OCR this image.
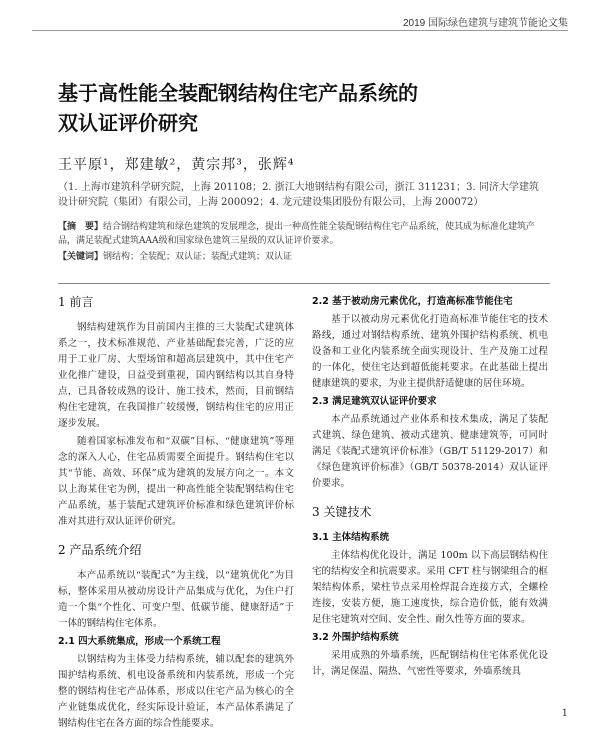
2019 国际绿色建筑与建筑节能论文集
基于高性能全装配钢结构住宅产品系统的
双认证评价研究
王平原¹，郑建敏²，黄宗邦³，张辉⁴
（1. 上海市建筑科学研究院，上海 201108；2. 浙江大地钢结构有限公司，浙江 311231；3. 同济大学建筑设计研究院（集团）有限公司，上海 200092；4. 龙元建设集团股份有限公司，上海 200072）
【摘　要】结合钢结构建筑和绿色建筑的发展理念，提出一种高性能全装配钢结构住宅产品系统，使其成为标准化建筑产品，满足装配式建筑AAA级和国家绿色建筑三星级的双认证评价要求。
【关键词】钢结构；全装配；双认证；装配式建筑；双认证
1 前言
钢结构建筑作为目前国内主推的三大装配式建筑体系之一，技术标准规范、产业基础配套完善，广泛的应用于工业厂房、大型场馆和超高层建筑中，其中住宅产业化推广建设，日益受到重视，国内钢结构以其自身特点，已具备较成熟的设计、施工技术，然而，目前钢结构住宅建筑，在我国推广较缓慢，钢结构住宅的应用正逐步发展。
随着国家标准发布和“双碳”目标、“健康建筑”等理念的深入人心，住宅品质需要全面提升。钢结构住宅以其“节能、高效、环保”成为建筑的发展方向之一。本文以上海某住宅为例，提出一种高性能全装配钢结构住宅产品系统，基于装配式建筑评价标准和绿色建筑评价标准对其进行双认证评价研究。
2 产品系统介绍
本产品系统以“装配式”为主线，以“建筑优化”为目标，整体采用从被动房设计产品集成与优化，为住户打造一个集“个性化、可变户型、低碳节能、健康舒适”于一体的钢结构住宅体系。
2.1 四大系统集成，形成一个系统工程
以钢结构为主体受力结构系统，辅以配套的建筑外围护结构系统、机电设备系统和内装系统，形成一个完整的钢结构住宅产品体系，形成以住宅产品为核心的全产业链集成优化，经实际设计验证，本产品体系满足了钢结构住宅在各方面的综合性能要求。
2.2 基于被动房元素优化，打造高标准节能住宅
基于以被动房元素优化打造高标准节能住宅的技术路线，通过对钢结构系统、建筑外围护结构系统、机电设备和工业化内装系统全面实现设计、生产及施工过程的一体化，使住宅达到超低能耗要求。在此基础上提出健康建筑的要求，为业主提供舒适健康的居住环境。
2.3 满足建筑双认证评价要求
本产品系统通过产业体系和技术集成，满足了装配式建筑、绿色建筑、被动式建筑、健康建筑等，可同时满足《装配式建筑评价标准》（GB/T 51129-2017）和《绿色建筑评价标准》（GB/T 50378-2014）双认证评价要求。
3 关键技术
3.1 主体结构系统
主体结构优化设计，满足 100m 以下高层钢结构住宅的结构安全和抗震要求。采用 CFT 柱与钢梁组合的框架结构体系，梁柱节点采用栓焊混合连接方式，全螺栓连接，安装方便，施工速度快，综合造价低，能有效满足住宅建筑对空间、安全性、耐久性等方面的要求。
3.2 外围护结构系统
采用成熟的外墙系统，匹配钢结构住宅体系优化设计，满足保温、隔热、气密性等要求，外墙系统具
1
